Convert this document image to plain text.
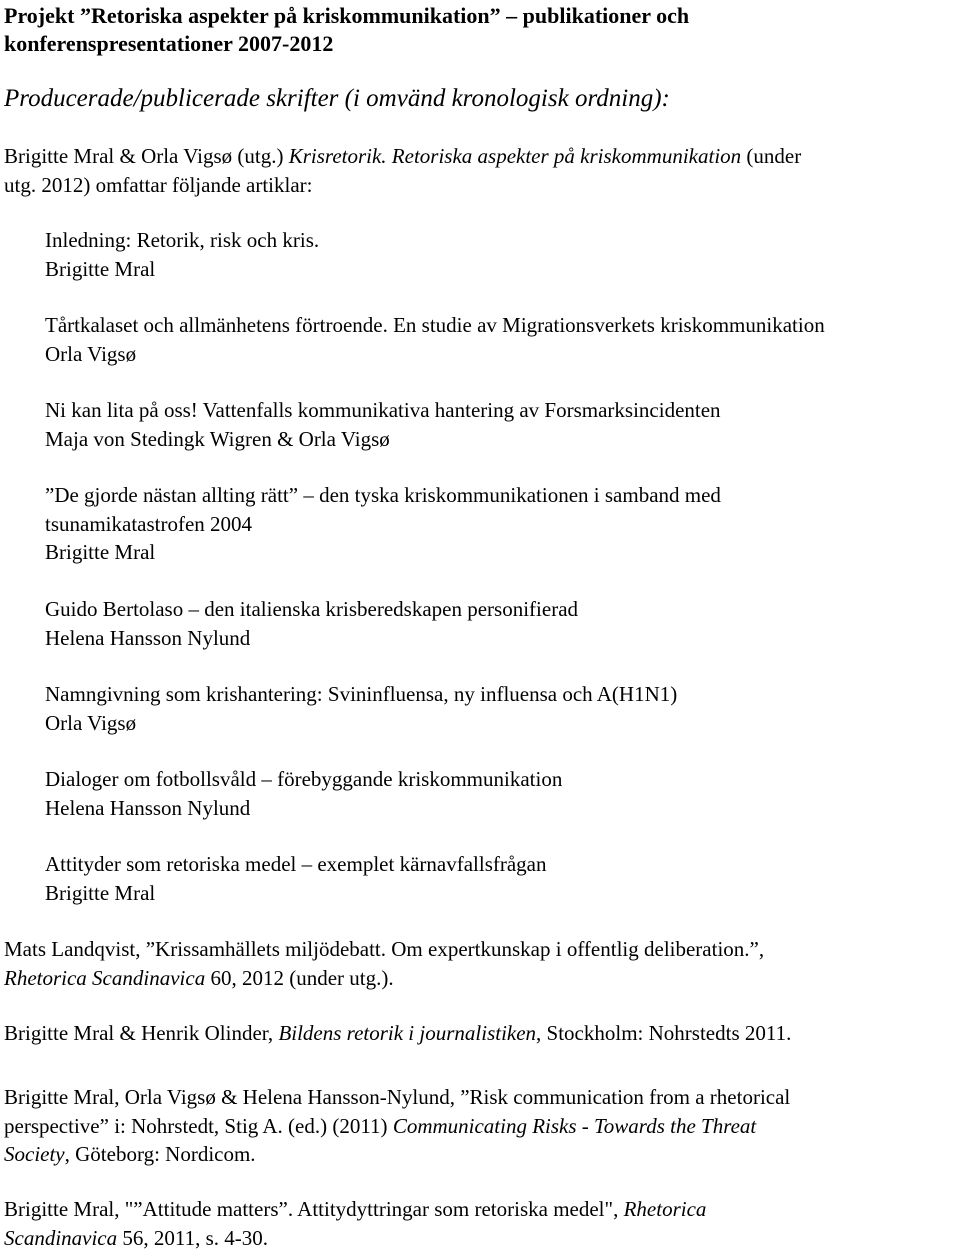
Projekt ”Retoriska aspekter på kriskommunikation” – publikationer och
konferenspresentationer 2007-2012
Producerade/publicerade skrifter (i omvänd kronologisk ordning):
Brigitte Mral & Orla Vigsø (utg.) Krisretorik. Retoriska aspekter på kriskommunikation (under
utg. 2012) omfattar följande artiklar:
Inledning: Retorik, risk och kris.
Brigitte Mral
Tårtkalaset och allmänhetens förtroende. En studie av Migrationsverkets kriskommunikation
Orla Vigsø
Ni kan lita på oss! Vattenfalls kommunikativa hantering av Forsmarksincidenten
Maja von Stedingk Wigren & Orla Vigsø
”De gjorde nästan allting rätt” – den tyska kriskommunikationen i samband med
tsunamikatastrofen 2004
Brigitte Mral
Guido Bertolaso – den italienska krisberedskapen personifierad
Helena Hansson Nylund
Namngivning som krishantering: Svininfluensa, ny influensa och A(H1N1)
Orla Vigsø
Dialoger om fotbollsvåld – förebyggande kriskommunikation
Helena Hansson Nylund
Attityder som retoriska medel – exemplet kärnavfallsfrågan
Brigitte Mral
Mats Landqvist, ”Krissamhällets miljödebatt. Om expertkunskap i offentlig deliberation.”,
Rhetorica Scandinavica 60, 2012 (under utg.).
Brigitte Mral & Henrik Olinder, Bildens retorik i journalistiken, Stockholm: Nohrstedts 2011.
Brigitte Mral, Orla Vigsø & Helena Hansson-Nylund, ”Risk communication from a rhetorical
perspective” i: Nohrstedt, Stig A. (ed.) (2011) Communicating Risks - Towards the Threat
Society, Göteborg: Nordicom.
Brigitte Mral, "”Attitude matters”. Attitydyttringar som retoriska medel", Rhetorica
Scandinavica 56, 2011, s. 4-30.
